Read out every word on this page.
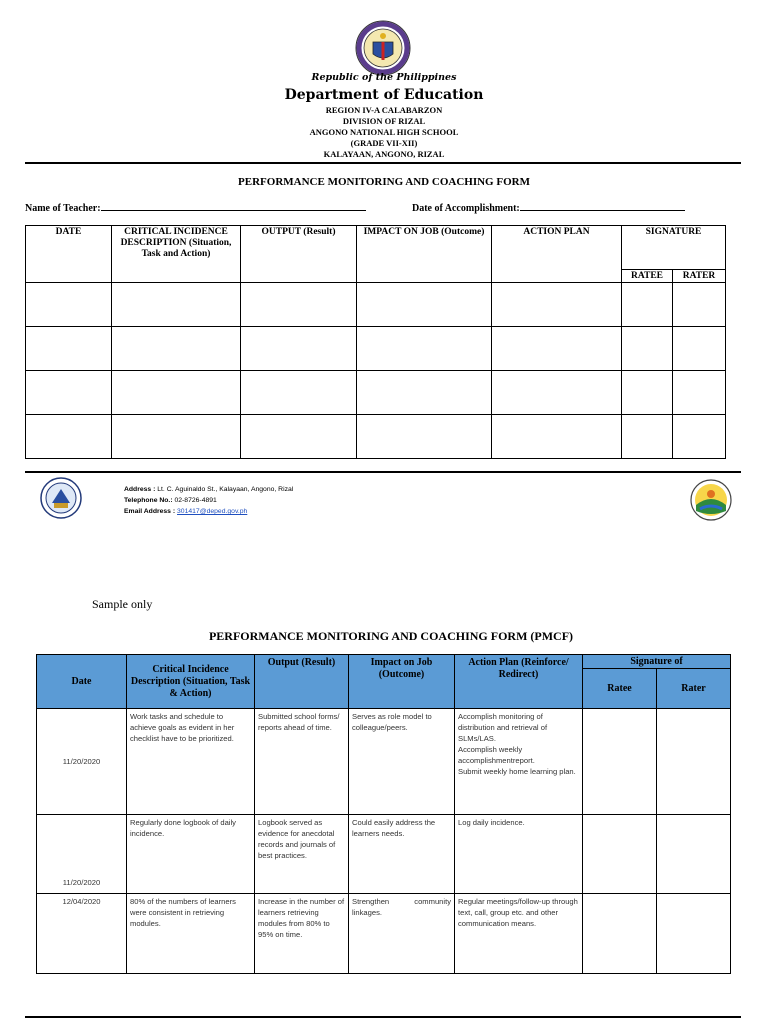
Republic of the Philippines
Department of Education
REGION IV-A CALABARZON
DIVISION OF RIZAL
ANGONO NATIONAL HIGH SCHOOL
(GRADE VII-XII)
KALAYAAN, ANGONO, RIZAL
PERFORMANCE MONITORING AND COACHING FORM
Name of Teacher:	Date of Accomplishment:
DATE	CRITICAL INCIDENCE DESCRIPTION (Situation, Task and Action)	OUTPUT (Result)	IMPACT ON JOB (Outcome)	ACTION PLAN	SIGNATURE	
					RATEE	RATER

Address : Lt. C. Aguinaldo St., Kalayaan, Angono, Rizal
Telephone No.: 02-8726-4891
Email Address : 301417@deped.gov.ph
Sample only
PERFORMANCE MONITORING AND COACHING FORM (PMCF)
Date	Critical Incidence Description (Situation, Task & Action)	Output (Result)	Impact on Job (Outcome)	Action Plan (Reinforce/ Redirect)	Signature of	
					Ratee	Rater
11/20/2020	Work tasks and schedule to achieve goals as evident in her checklist have to be prioritized.	Submitted school forms/ reports ahead of time.	Serves as role model to colleague/peers.	Accomplish monitoring of distribution and retrieval of SLMs/LAS.
Accomplish weekly accomplishmentreport.
Submit weekly home learning plan.		
11/20/2020	Regularly done logbook of daily incidence.	Logbook served as evidence for anecdotal records and journals of best practices.	Could easily address the learners needs.	Log daily incidence.		
12/04/2020	80% of the numbers of learners were consistent in retrieving modules.	Increase in the number of learners retrieving modules from 80% to 95% on time.	Strengthen community linkages.	Regular meetings/follow-up through text, call, group etc. and other communication means.		
